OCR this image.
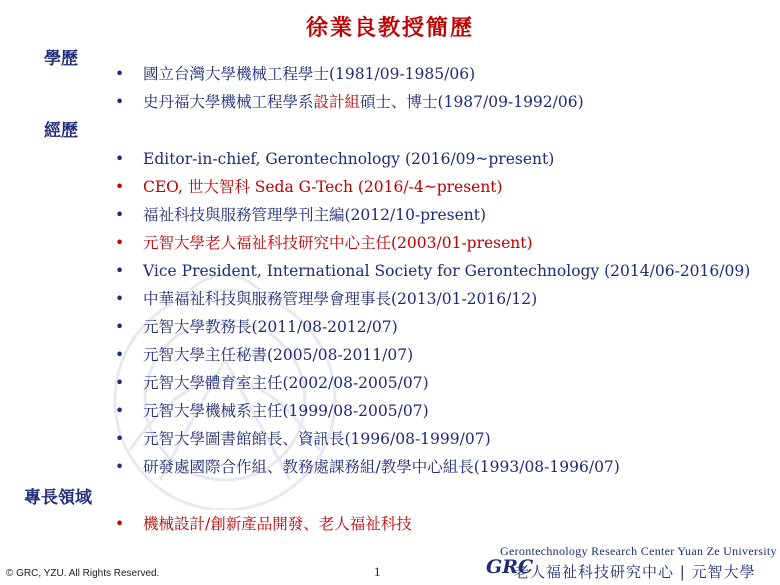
徐業良教授簡歷
學歷
• 國立台灣大學機械工程學士(1981/09-1985/06)
• 史丹福大學機械工程學系設計組碩士、博士(1987/09-1992/06)
經歷
• Editor-in-chief, Gerontechnology (2016/09~present)
• CEO, 世大智科 Seda G-Tech (2016/-4~present)
• 福祉科技與服務管理學刊主編(2012/10-present)
• 元智大學老人福祉科技研究中心主任(2003/01-present)
• Vice President, International Society for Gerontechnology (2014/06-2016/09)
• 中華福祉科技與服務管理學會理事長(2013/01-2016/12)
• 元智大學教務長(2011/08-2012/07)
• 元智大學主任秘書(2005/08-2011/07)
• 元智大學體育室主任(2002/08-2005/07)
• 元智大學機械系主任(1999/08-2005/07)
• 元智大學圖書館館長、資訊長(1996/08-1999/07)
• 研發處國際合作組、教務處課務組/教學中心組長(1993/08-1996/07)
專長領域
• 機械設計/創新產品開發、老人福祉科技
© GRC, YZU. All Rights Reserved.	1
Gerontechnology Research Center Yuan Ze University
GRC
老人福祉科技研究中心 | 元智大學
